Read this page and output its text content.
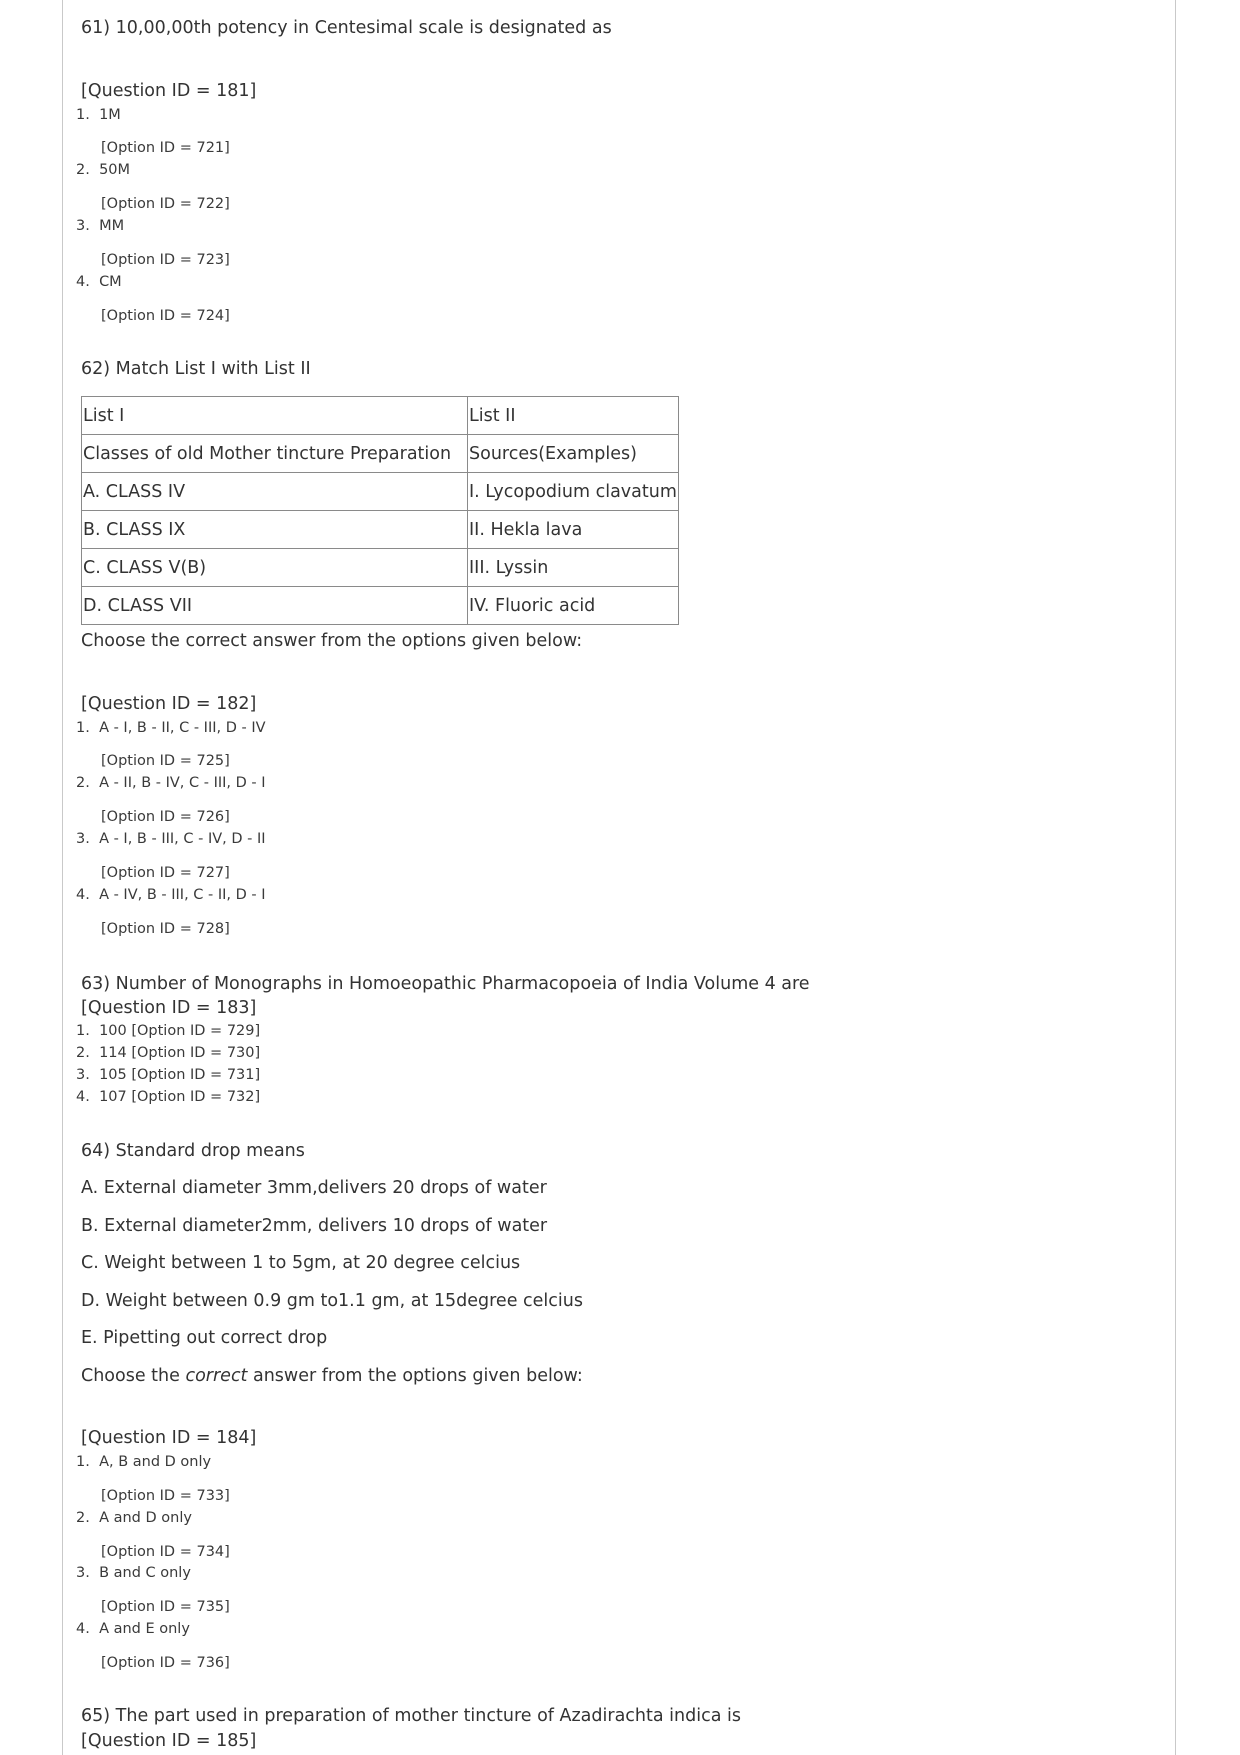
61) 10,00,00th potency in Centesimal scale is designated as
[Question ID = 181]
1. 1M
[Option ID = 721]
2. 50M
[Option ID = 722]
3. MM
[Option ID = 723]
4. CM
[Option ID = 724]
62) Match List I with List II
List I	List II
Classes of old Mother tincture Preparation	Sources(Examples)
A. CLASS IV	I. Lycopodium clavatum
B. CLASS IX	II. Hekla lava
C. CLASS V(B)	III. Lyssin
D. CLASS VII	IV. Fluoric acid
Choose the correct answer from the options given below:
[Question ID = 182]
1. A - I, B - II, C - III, D - IV
[Option ID = 725]
2. A - II, B - IV, C - III, D - I
[Option ID = 726]
3. A - I, B - III, C - IV, D - II
[Option ID = 727]
4. A - IV, B - III, C - II, D - I
[Option ID = 728]
63) Number of Monographs in Homoeopathic Pharmacopoeia of India Volume 4 are
[Question ID = 183]
1. 100 [Option ID = 729]
2. 114 [Option ID = 730]
3. 105 [Option ID = 731]
4. 107 [Option ID = 732]
64) Standard drop means
A. External diameter 3mm,delivers 20 drops of water
B. External diameter2mm, delivers 10 drops of water
C. Weight between 1 to 5gm, at 20 degree celcius
D. Weight between 0.9 gm to1.1 gm, at 15degree celcius
E. Pipetting out correct drop
Choose the correct answer from the options given below:
[Question ID = 184]
1. A, B and D only
[Option ID = 733]
2. A and D only
[Option ID = 734]
3. B and C only
[Option ID = 735]
4. A and E only
[Option ID = 736]
65) The part used in preparation of mother tincture of Azadirachta indica is
[Question ID = 185]
